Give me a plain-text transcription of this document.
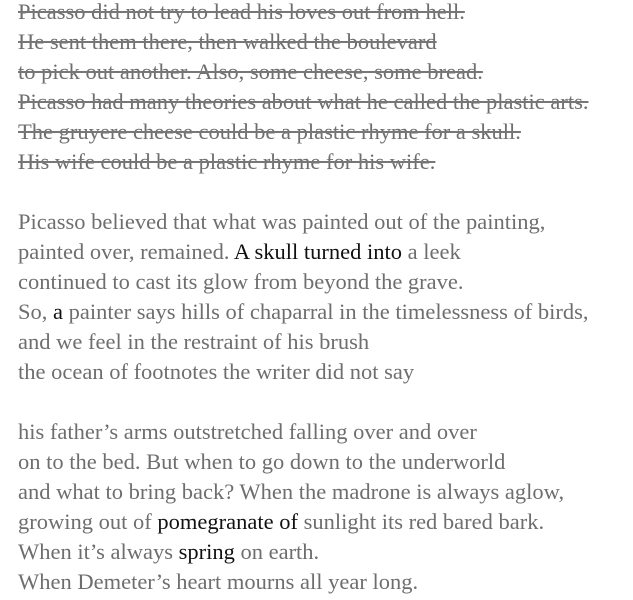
Picasso did not try to lead his loves out from hell.
He sent them there, then walked the boulevard
to pick out another. Also, some cheese, some bread.
Picasso had many theories about what he called the plastic arts.
The gruyere cheese could be a plastic rhyme for a skull.
His wife could be a plastic rhyme for his wife.
Picasso believed that what was painted out of the painting,
painted over, remained. A skull turned into a leek
continued to cast its glow from beyond the grave.
So, a painter says hills of chaparral in the timelessness of birds,
and we feel in the restraint of his brush
the ocean of footnotes the writer did not say
his father’s arms outstretched falling over and over
on to the bed. But when to go down to the underworld
and what to bring back? When the madrone is always aglow,
growing out of pomegranate of sunlight its red bared bark.
When it’s always spring on earth.
When Demeter’s heart mourns all year long.
